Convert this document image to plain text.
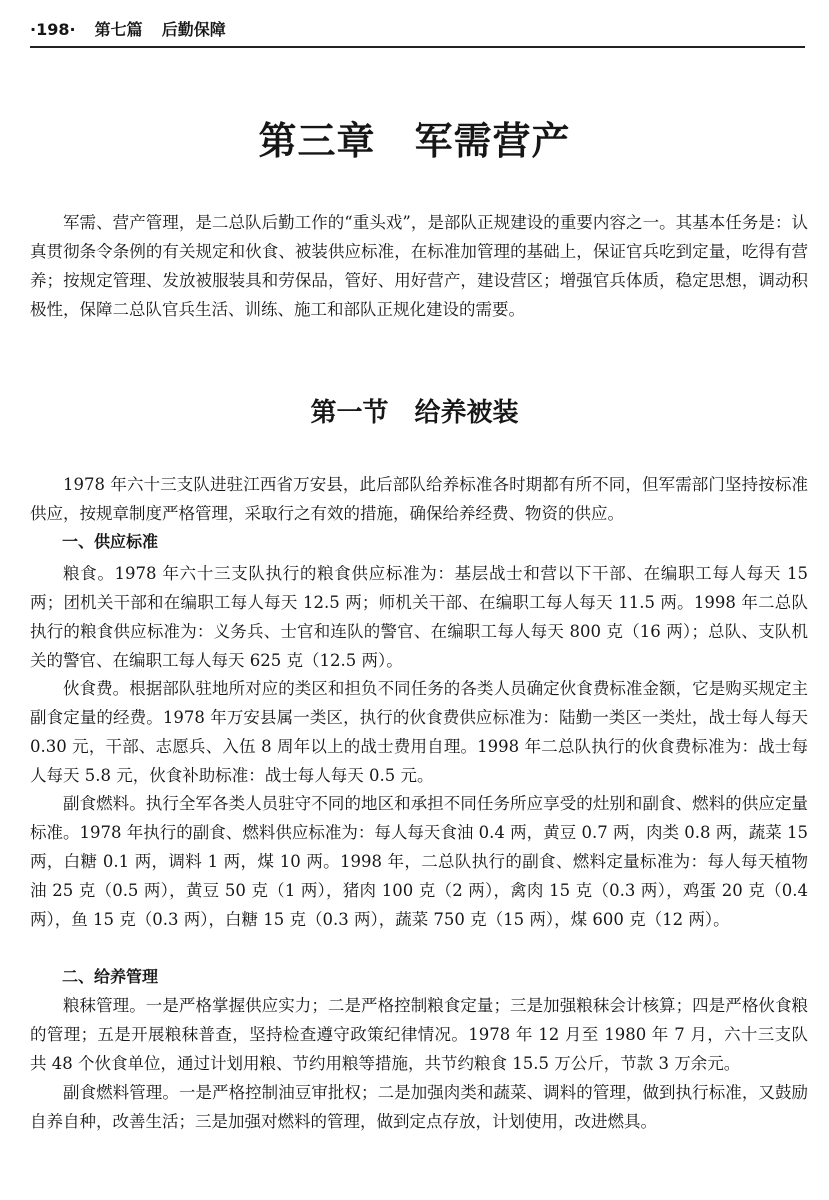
·198· 第七篇 后勤保障
第三章　军需营产

军需、营产管理，是二总队后勤工作的“重头戏”，是部队正规建设的重要内容之一。其基本任务是：认真贯彻条令条例的有关规定和伙食、被装供应标准，在标准加管理的基础上，保证官兵吃到定量，吃得有营养；按规定管理、发放被服装具和劳保品，管好、用好营产，建设营区；增强官兵体质，稳定思想，调动积极性，保障二总队官兵生活、训练、施工和部队正规化建设的需要。

第一节　给养被装

1978 年六十三支队进驻江西省万安县，此后部队给养标准各时期都有所不同，但军需部门坚持按标准供应，按规章制度严格管理，采取行之有效的措施，确保给养经费、物资的供应。

一、供应标准

粮食。1978 年六十三支队执行的粮食供应标准为：基层战士和营以下干部、在编职工每人每天 15 两；团机关干部和在编职工每人每天 12.5 两；师机关干部、在编职工每人每天 11.5 两。1998 年二总队执行的粮食供应标准为：义务兵、士官和连队的警官、在编职工每人每天 800 克（16 两）；总队、支队机关的警官、在编职工每人每天 625 克（12.5 两）。

伙食费。根据部队驻地所对应的类区和担负不同任务的各类人员确定伙食费标准金额，它是购买规定主副食定量的经费。1978 年万安县属一类区，执行的伙食费供应标准为：陆勤一类区一类灶，战士每人每天 0.30 元，干部、志愿兵、入伍 8 周年以上的战士费用自理。1998 年二总队执行的伙食费标准为：战士每人每天 5.8 元，伙食补助标准：战士每人每天 0.5 元。

副食燃料。执行全军各类人员驻守不同的地区和承担不同任务所应享受的灶别和副食、燃料的供应定量标准。1978 年执行的副食、燃料供应标准为：每人每天食油 0.4 两，黄豆 0.7 两，肉类 0.8 两，蔬菜 15 两，白糖 0.1 两，调料 1 两，煤 10 两。1998 年，二总队执行的副食、燃料定量标准为：每人每天植物油 25 克（0.5 两），黄豆 50 克（1 两），猪肉 100 克（2 两），禽肉 15 克（0.3 两），鸡蛋 20 克（0.4 两），鱼 15 克（0.3 两），白糖 15 克（0.3 两），蔬菜 750 克（15 两），煤 600 克（12 两）。

二、给养管理

粮秣管理。一是严格掌握供应实力；二是严格控制粮食定量；三是加强粮秣会计核算；四是严格伙食粮的管理；五是开展粮秣普查，坚持检查遵守政策纪律情况。1978 年 12 月至 1980 年 7 月，六十三支队共 48 个伙食单位，通过计划用粮、节约用粮等措施，共节约粮食 15.5 万公斤，节款 3 万余元。

副食燃料管理。一是严格控制油豆审批权；二是加强肉类和蔬菜、调料的管理，做到执行标准，又鼓励自养自种，改善生活；三是加强对燃料的管理，做到定点存放，计划使用，改进燃具。
